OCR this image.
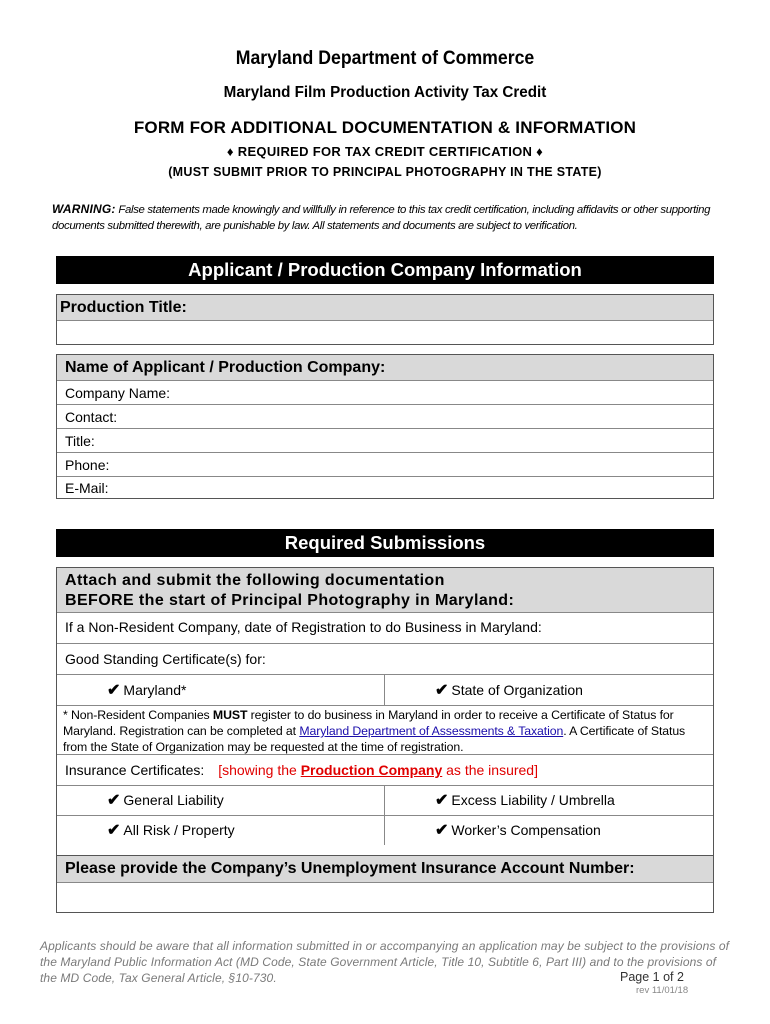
Maryland Department of Commerce
Maryland Film Production Activity Tax Credit
FORM FOR ADDITIONAL DOCUMENTATION & INFORMATION
♦ REQUIRED FOR TAX CREDIT CERTIFICATION ♦
(MUST SUBMIT PRIOR TO PRINCIPAL PHOTOGRAPHY IN THE STATE)
WARNING: False statements made knowingly and willfully in reference to this tax credit certification, including affidavits or other supporting documents submitted therewith, are punishable by law. All statements and documents are subject to verification.
Applicant / Production Company Information
Production Title:
Name of Applicant / Production Company:
Company Name:
Contact:
Title:
Phone:
E-Mail:
Required Submissions
Attach and submit the following documentation
BEFORE the start of Principal Photography in Maryland:
If a Non-Resident Company, date of Registration to do Business in Maryland:
Good Standing Certificate(s) for:
✔ Maryland*	✔ State of Organization
* Non-Resident Companies MUST register to do business in Maryland in order to receive a Certificate of Status for Maryland. Registration can be completed at Maryland Department of Assessments & Taxation. A Certificate of Status from the State of Organization may be requested at the time of registration.
Insurance Certificates: [showing the Production Company as the insured]
✔ General Liability	✔ Excess Liability / Umbrella
✔ All Risk / Property	✔ Worker’s Compensation
Please provide the Company’s Unemployment Insurance Account Number:
Applicants should be aware that all information submitted in or accompanying an application may be subject to the provisions of the Maryland Public Information Act (MD Code, State Government Article, Title 10, Subtitle 6, Part III) and to the provisions of the MD Code, Tax General Article, §10-730.	Page 1 of 2
rev 11/01/18
